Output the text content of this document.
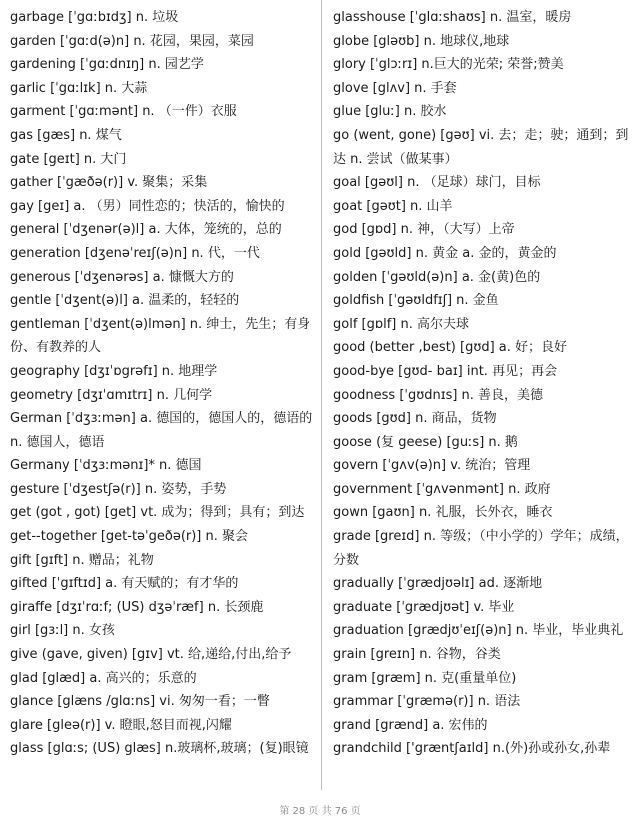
garbage [ˈgɑːbɪdʒ] n. 垃圾
garden [ˈgɑːd(ə)n] n. 花园，果园，菜园
gardening [ˈgɑːdnɪŋ] n. 园艺学
garlic [ˈgɑːlɪk] n. 大蒜
garment [ˈgɑːmənt] n. （一件）衣服
gas [gæs] n. 煤气
gate [geɪt] n. 大门
gather [ˈgæðə(r)] v. 聚集；采集
gay [geɪ] a. （男）同性恋的；快活的，愉快的
general [ˈdʒenər(ə)l] a. 大体，笼统的，总的
generation [dʒenəˈreɪʃ(ə)n] n. 代，一代
generous [ˈdʒenərəs] a. 慷慨大方的
gentle [ˈdʒent(ə)l] a. 温柔的，轻轻的
gentleman [ˈdʒent(ə)lmən] n. 绅士，先生；有身份、有教养的人
geography [dʒɪˈɒgrəfɪ] n. 地理学
geometry [dʒɪˈɑmɪtrɪ] n. 几何学
German [ˈdʒɜːmən] a. 德国的，德国人的，德语的 n. 德国人，德语
Germany [ˈdʒɜːmənɪ]* n. 德国
gesture [ˈdʒestʃə(r)] n. 姿势，手势
get (got , got) [get] vt. 成为；得到；具有；到达
get--together [get-təˈgeðə(r)] n. 聚会
gift [gɪft] n. 赠品；礼物
gifted [ˈgɪftɪd] a. 有天赋的；有才华的
giraffe [dʒɪˈrɑːf; (US) dʒəˈræf] n. 长颈鹿
girl [gɜːl] n. 女孩
give (gave, given) [gɪv] vt. 给,递给,付出,给予
glad [glæd] a. 高兴的；乐意的
glance [glæns /glɑːns] vi. 匆匆一看；一瞥
glare [gleə(r)] v. 瞪眼,怒目而视,闪耀
glass [glɑːs; (US) glæs] n.玻璃杯,玻璃；(复)眼镜
glasshouse [ˈglɑːshaʊs] n. 温室，暖房
globe [gləʊb] n. 地球仪,地球
glory [ˈglɔːrɪ] n.巨大的光荣; 荣誉;赞美
glove [glʌv] n. 手套
glue [gluː] n. 胶水
go (went, gone) [gəʊ] vi. 去；走；驶；通到；到达 n. 尝试（做某事）
goal [gəʊl] n. （足球）球门，目标
goat [gəʊt] n. 山羊
god [gɒd] n. 神，（大写）上帝
gold [gəʊld] n. 黄金 a. 金的，黄金的
golden [ˈgəʊld(ə)n] a. 金(黄)色的
goldfish [ˈgəʊldfɪʃ] n. 金鱼
golf [gɒlf] n. 高尔夫球
good (better ,best) [gʊd] a. 好；良好
good-bye [gʊd- baɪ] int. 再见；再会
goodness [ˈgʊdnɪs] n. 善良，美德
goods [gʊd] n. 商品，货物
goose (复 geese) [guːs] n. 鹅
govern [ˈgʌv(ə)n] v. 统治；管理
government [ˈgʌvənmənt] n. 政府
gown [gaʊn] n. 礼服，长外衣，睡衣
grade [greɪd] n. 等级；（中小学的）学年；成绩，分数
gradually [ˈgrædjʊəlɪ] ad. 逐渐地
graduate [ˈgrædjʊət] v. 毕业
graduation [grædjʊˈeɪʃ(ə)n] n. 毕业，毕业典礼
grain [greɪn] n. 谷物，谷类
gram [græm] n. 克(重量单位)
grammar [ˈgræmə(r)] n. 语法
grand [grænd] a. 宏伟的
grandchild ['græntʃaɪld] n.(外)孙或孙女,孙辈
第 28 页 共 76 页
